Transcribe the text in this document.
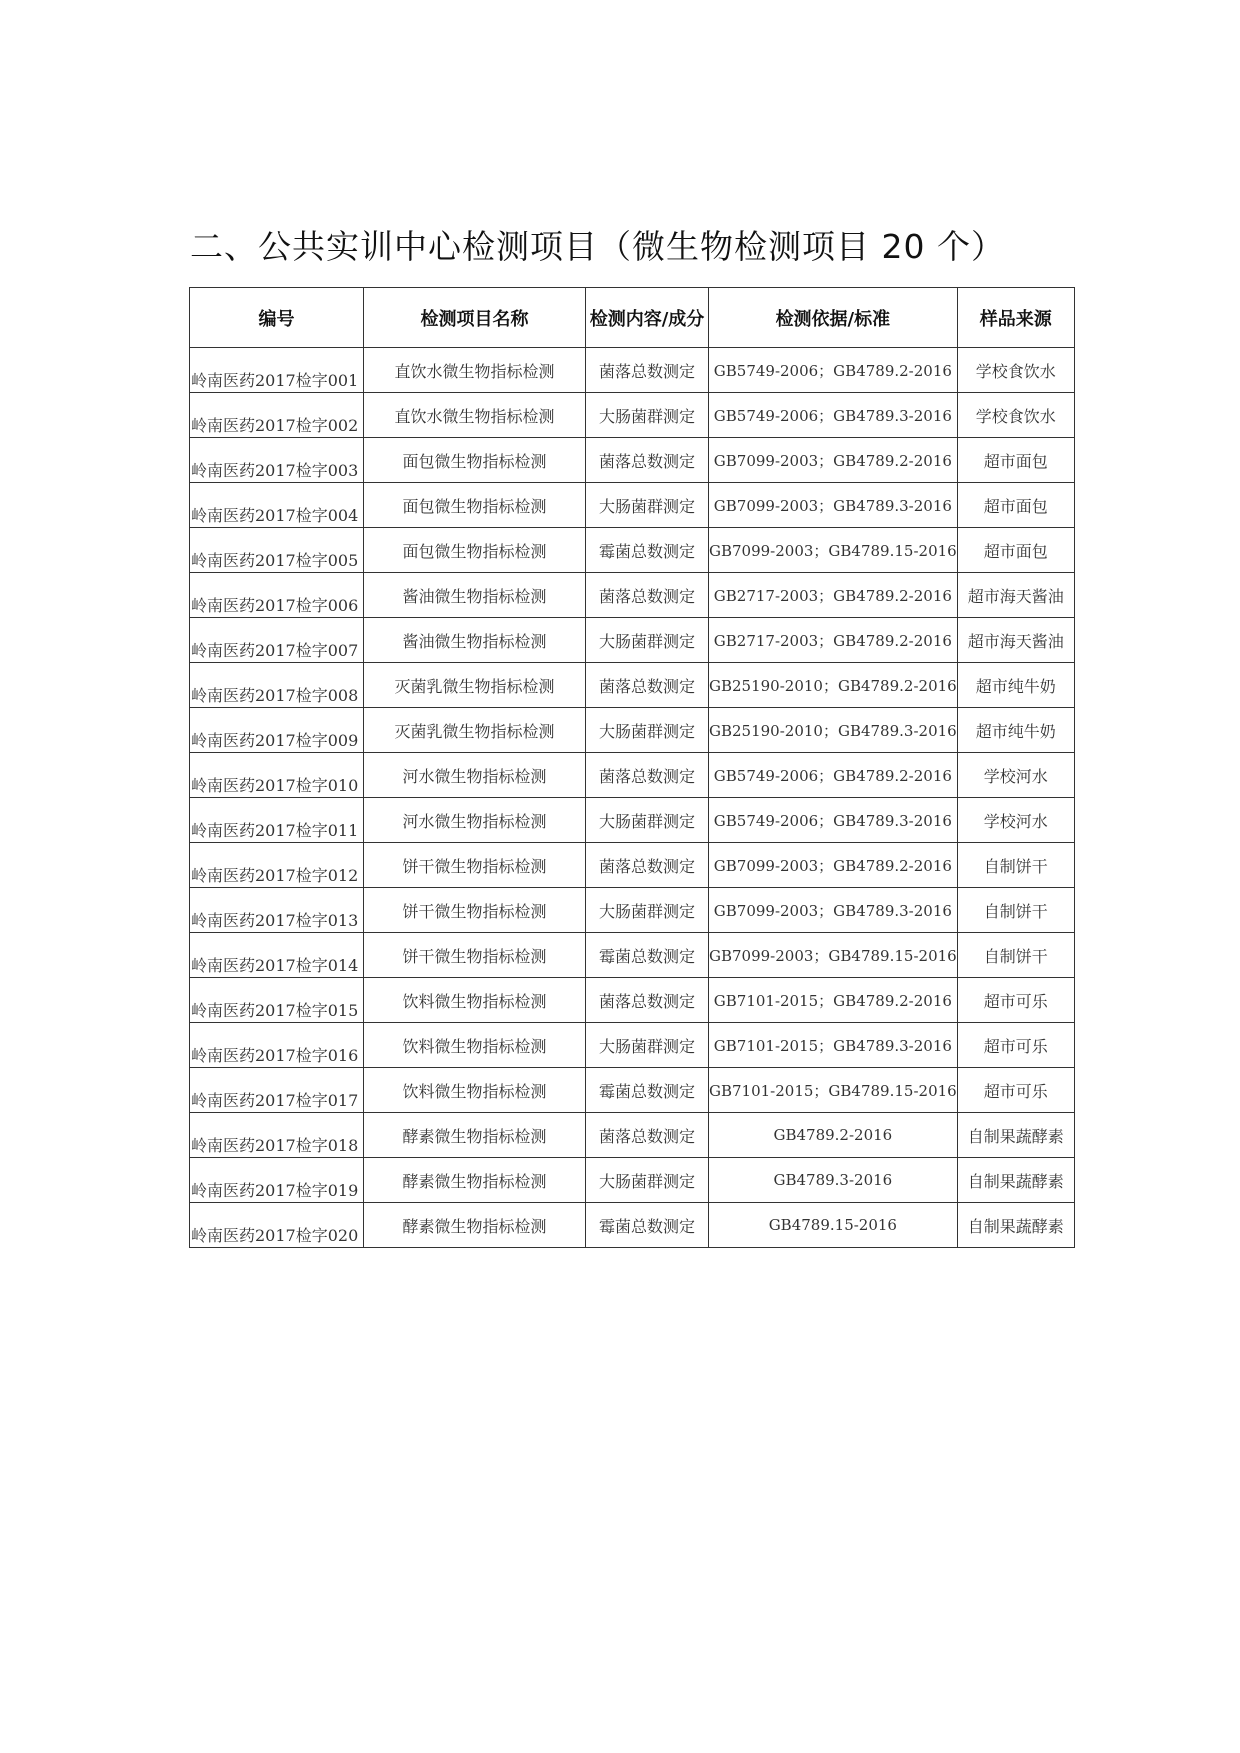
二、公共实训中心检测项目（微生物检测项目 20 个）
编号	检测项目名称	检测内容/成分	检测依据/标准	样品来源
岭南医药2017检字001	直饮水微生物指标检测	菌落总数测定	GB5749-2006；GB4789.2-2016	学校食饮水
岭南医药2017检字002	直饮水微生物指标检测	大肠菌群测定	GB5749-2006；GB4789.3-2016	学校食饮水
岭南医药2017检字003	面包微生物指标检测	菌落总数测定	GB7099-2003；GB4789.2-2016	超市面包
岭南医药2017检字004	面包微生物指标检测	大肠菌群测定	GB7099-2003；GB4789.3-2016	超市面包
岭南医药2017检字005	面包微生物指标检测	霉菌总数测定	GB7099-2003；GB4789.15-2016	超市面包
岭南医药2017检字006	酱油微生物指标检测	菌落总数测定	GB2717-2003；GB4789.2-2016	超市海天酱油
岭南医药2017检字007	酱油微生物指标检测	大肠菌群测定	GB2717-2003；GB4789.2-2016	超市海天酱油
岭南医药2017检字008	灭菌乳微生物指标检测	菌落总数测定	GB25190-2010；GB4789.2-2016	超市纯牛奶
岭南医药2017检字009	灭菌乳微生物指标检测	大肠菌群测定	GB25190-2010；GB4789.3-2016	超市纯牛奶
岭南医药2017检字010	河水微生物指标检测	菌落总数测定	GB5749-2006；GB4789.2-2016	学校河水
岭南医药2017检字011	河水微生物指标检测	大肠菌群测定	GB5749-2006；GB4789.3-2016	学校河水
岭南医药2017检字012	饼干微生物指标检测	菌落总数测定	GB7099-2003；GB4789.2-2016	自制饼干
岭南医药2017检字013	饼干微生物指标检测	大肠菌群测定	GB7099-2003；GB4789.3-2016	自制饼干
岭南医药2017检字014	饼干微生物指标检测	霉菌总数测定	GB7099-2003；GB4789.15-2016	自制饼干
岭南医药2017检字015	饮料微生物指标检测	菌落总数测定	GB7101-2015；GB4789.2-2016	超市可乐
岭南医药2017检字016	饮料微生物指标检测	大肠菌群测定	GB7101-2015；GB4789.3-2016	超市可乐
岭南医药2017检字017	饮料微生物指标检测	霉菌总数测定	GB7101-2015；GB4789.15-2016	超市可乐
岭南医药2017检字018	酵素微生物指标检测	菌落总数测定	GB4789.2-2016	自制果蔬酵素
岭南医药2017检字019	酵素微生物指标检测	大肠菌群测定	GB4789.3-2016	自制果蔬酵素
岭南医药2017检字020	酵素微生物指标检测	霉菌总数测定	GB4789.15-2016	自制果蔬酵素
